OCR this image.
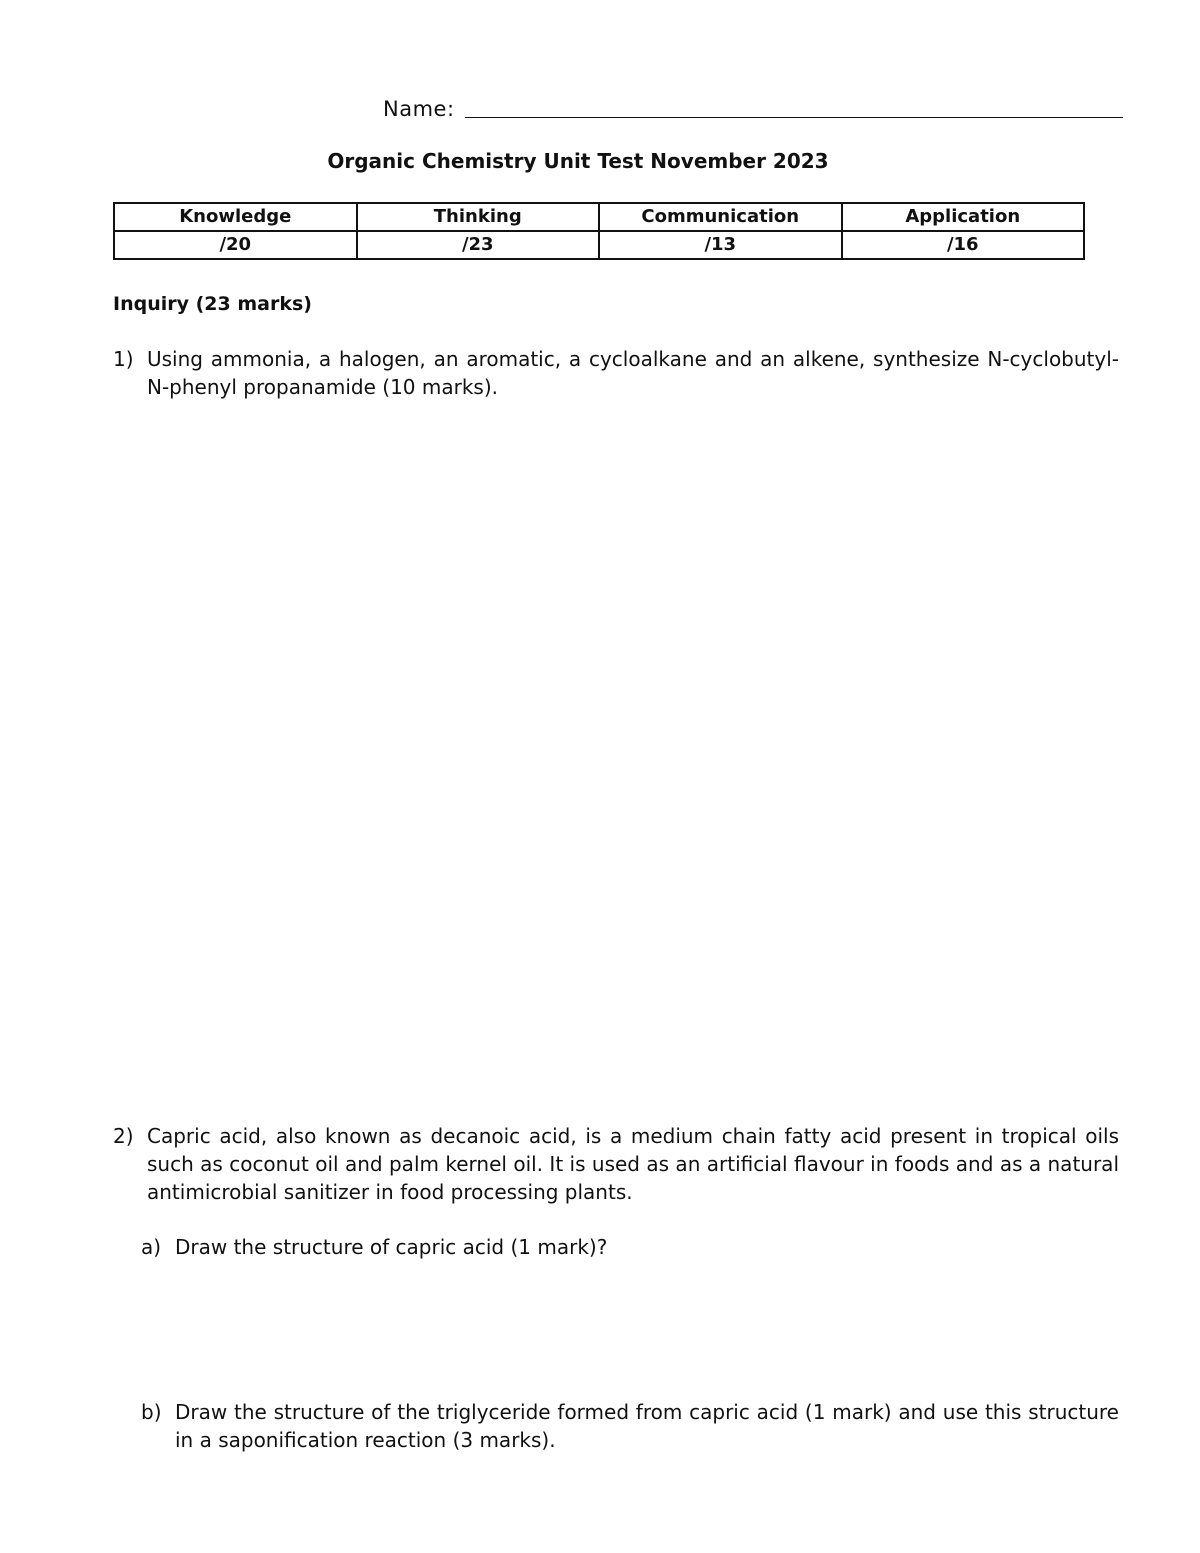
Name:
Organic Chemistry Unit Test November 2023
Knowledge	Thinking	Communication	Application
/20	/23	/13	/16
Inquiry (23 marks)
1) Using ammonia, a halogen, an aromatic, a cycloalkane and an alkene, synthesize N-cyclobutyl-N-phenyl propanamide (10 marks).
2) Capric acid, also known as decanoic acid, is a medium chain fatty acid present in tropical oils such as coconut oil and palm kernel oil. It is used as an artificial flavour in foods and as a natural antimicrobial sanitizer in food processing plants.
a) Draw the structure of capric acid (1 mark)?
b) Draw the structure of the triglyceride formed from capric acid (1 mark) and use this structure in a saponification reaction (3 marks).
